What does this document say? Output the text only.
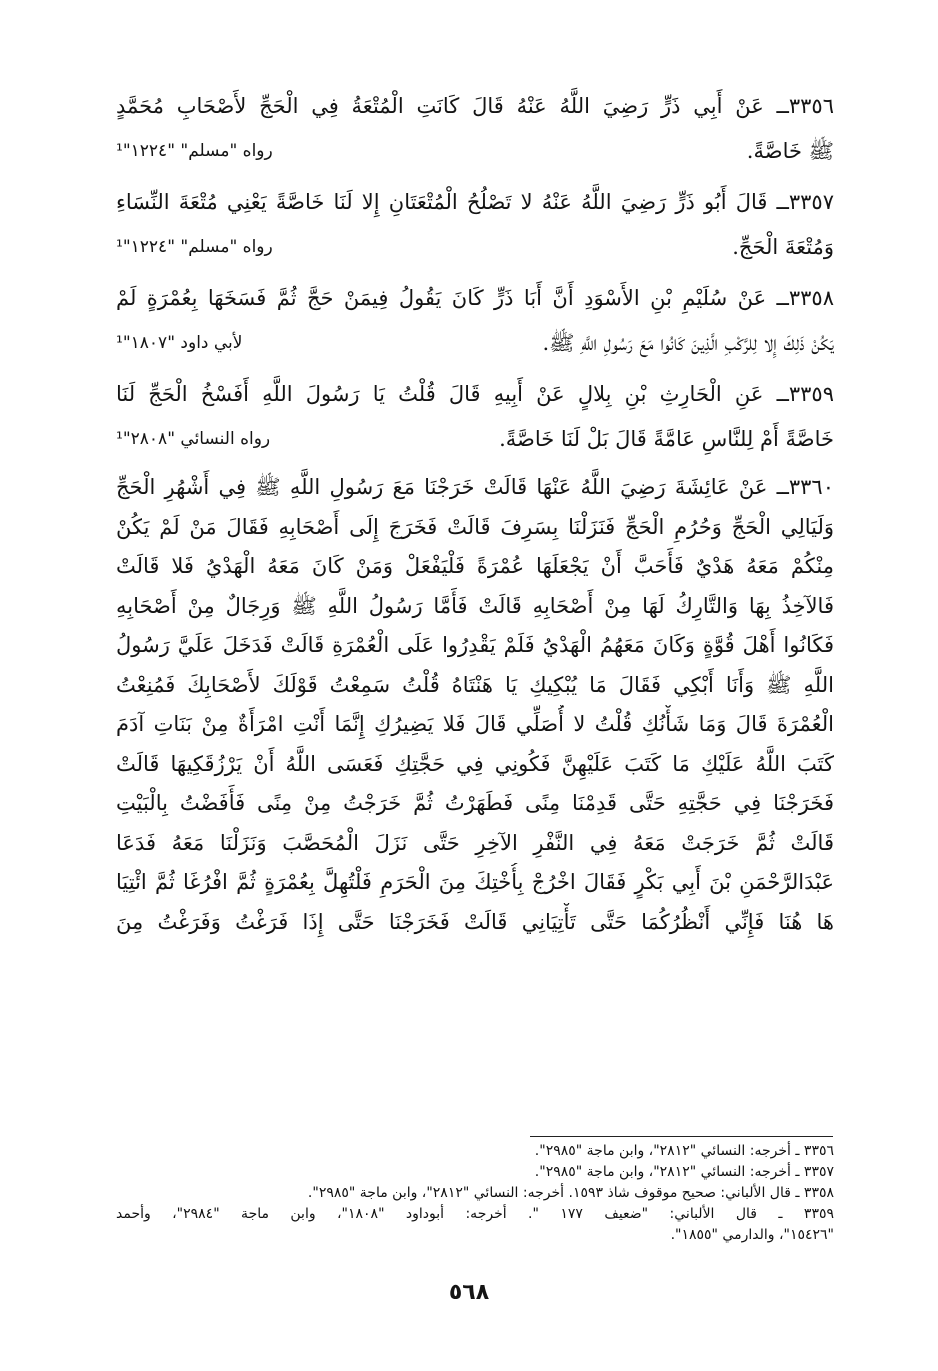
٣٣٥٦ــ عَنْ أَبِي ذَرٍّ رَضِيَ اللَّهُ عَنْهُ قَالَ كَانَتِ الْمُتْعَةُ فِي الْحَجِّ لأَصْحَابِ مُحَمَّدٍ
ﷺ خَاصَّةً.
رواه "مسلم" "١٢٢٤"¹
٣٣٥٧ــ قَالَ أَبُو ذَرٍّ رَضِيَ اللَّهُ عَنْهُ لا تَصْلُحُ الْمُتْعَتَانِ إِلا لَنَا خَاصَّةً يَعْنِي مُتْعَةَ النِّسَاءِ
وَمُتْعَةَ الْحَجِّ.
رواه "مسلم" "١٢٢٤"¹
٣٣٥٨ــ عَنْ سُلَيْمِ بْنِ الأَسْوَدِ أَنَّ أَبَا ذَرٍّ كَانَ يَقُولُ فِيمَنْ حَجَّ ثُمَّ فَسَخَهَا بِعُمْرَةٍ لَمْ
يَكُنْ ذَلِكَ إِلا لِلرَّكْبِ الَّذِينَ كَانُوا مَعَ رَسُولِ اللَّهِ ﷺ.
لأبي داود "١٨٠٧"¹
٣٣٥٩ــ عَنِ الْحَارِثِ بْنِ بِلالٍ عَنْ أَبِيهِ قَالَ قُلْتُ يَا رَسُولَ اللَّهِ أَفَسْخُ الْحَجِّ لَنَا
خَاصَّةً أَمْ لِلنَّاسِ عَامَّةً قَالَ بَلْ لَنَا خَاصَّةً.
رواه النسائي "٢٨٠٨"¹
٣٣٦٠ــ عَنْ عَائِشَةَ رَضِيَ اللَّهُ عَنْهَا قَالَتْ خَرَجْنَا مَعَ رَسُولِ اللَّهِ ﷺ فِي أَشْهُرِ الْحَجِّ
وَلَيَالِي الْحَجِّ وَحُرُمِ الْحَجِّ فَنَزَلْنَا بِسَرِفَ قَالَتْ فَخَرَجَ إِلَى أَصْحَابِهِ فَقَالَ مَنْ لَمْ يَكُنْ
مِنْكُمْ مَعَهُ هَدْيٌ فَأَحَبَّ أَنْ يَجْعَلَهَا عُمْرَةً فَلْيَفْعَلْ وَمَنْ كَانَ مَعَهُ الْهَدْيُ فَلا قَالَتْ
فَالآخِذُ بِهَا وَالتَّارِكُ لَهَا مِنْ أَصْحَابِهِ قَالَتْ فَأَمَّا رَسُولُ اللَّهِ ﷺ وَرِجَالٌ مِنْ أَصْحَابِهِ
فَكَانُوا أَهْلَ قُوَّةٍ وَكَانَ مَعَهُمُ الْهَدْيُ فَلَمْ يَقْدِرُوا عَلَى الْعُمْرَةِ قَالَتْ فَدَخَلَ عَلَيَّ رَسُولُ
اللَّهِ ﷺ وَأَنَا أَبْكِي فَقَالَ مَا يُبْكِيكِ يَا هَنْتَاهُ قُلْتُ سَمِعْتُ قَوْلَكَ لأَصْحَابِكَ فَمُنِعْتُ
الْعُمْرَةَ قَالَ وَمَا شَأْنُكِ قُلْتُ لا أُصَلِّي قَالَ فَلا يَضِيرُكِ إِنَّمَا أَنْتِ امْرَأَةٌ مِنْ بَنَاتِ آدَمَ
كَتَبَ اللَّهُ عَلَيْكِ مَا كَتَبَ عَلَيْهِنَّ فَكُونِي فِي حَجَّتِكِ فَعَسَى اللَّهُ أَنْ يَرْزُقَكِيهَا قَالَتْ
فَخَرَجْنَا فِي حَجَّتِهِ حَتَّى قَدِمْنَا مِنًى فَطَهَرْتُ ثُمَّ خَرَجْتُ مِنْ مِنًى فَأَفَضْتُ بِالْبَيْتِ
قَالَتْ ثُمَّ خَرَجَتْ مَعَهُ فِي النَّفْرِ الآخِرِ حَتَّى نَزَلَ الْمُحَصَّبَ وَنَزَلْنَا مَعَهُ فَدَعَا
عَبْدَالرَّحْمَنِ بْنَ أَبِي بَكْرٍ فَقَالَ اخْرُجْ بِأُخْتِكَ مِنَ الْحَرَمِ فَلْتُهِلَّ بِعُمْرَةٍ ثُمَّ افْرُغَا ثُمَّ ائْتِيَا
هَا هُنَا فَإِنِّي أَنْظُرُكُمَا حَتَّى تَأْتِيَانِي قَالَتْ فَخَرَجْنَا حَتَّى إِذَا فَرَغْتُ وَفَرَغْتُ مِنَ
٣٣٥٦ ـ أخرجه: النسائي "٢٨١٢"، وابن ماجة "٢٩٨٥".
٣٣٥٧ ـ أخرجه: النسائي "٢٨١٢"، وابن ماجة "٢٩٨٥".
٣٣٥٨ ـ قال الألباني: صحيح موقوف شاذ ١٥٩٣. أخرجه: النسائي "٢٨١٢"، وابن ماجة "٢٩٨٥".
٣٣٥٩ ـ قال الألباني: "ضعيف ١٧٧ ". أخرجه: أبوداود "١٨٠٨"، وابن ماجة "٢٩٨٤"، وأحمد
"١٥٤٢٦"، والدارمي "١٨٥٥".
٥٦٨
